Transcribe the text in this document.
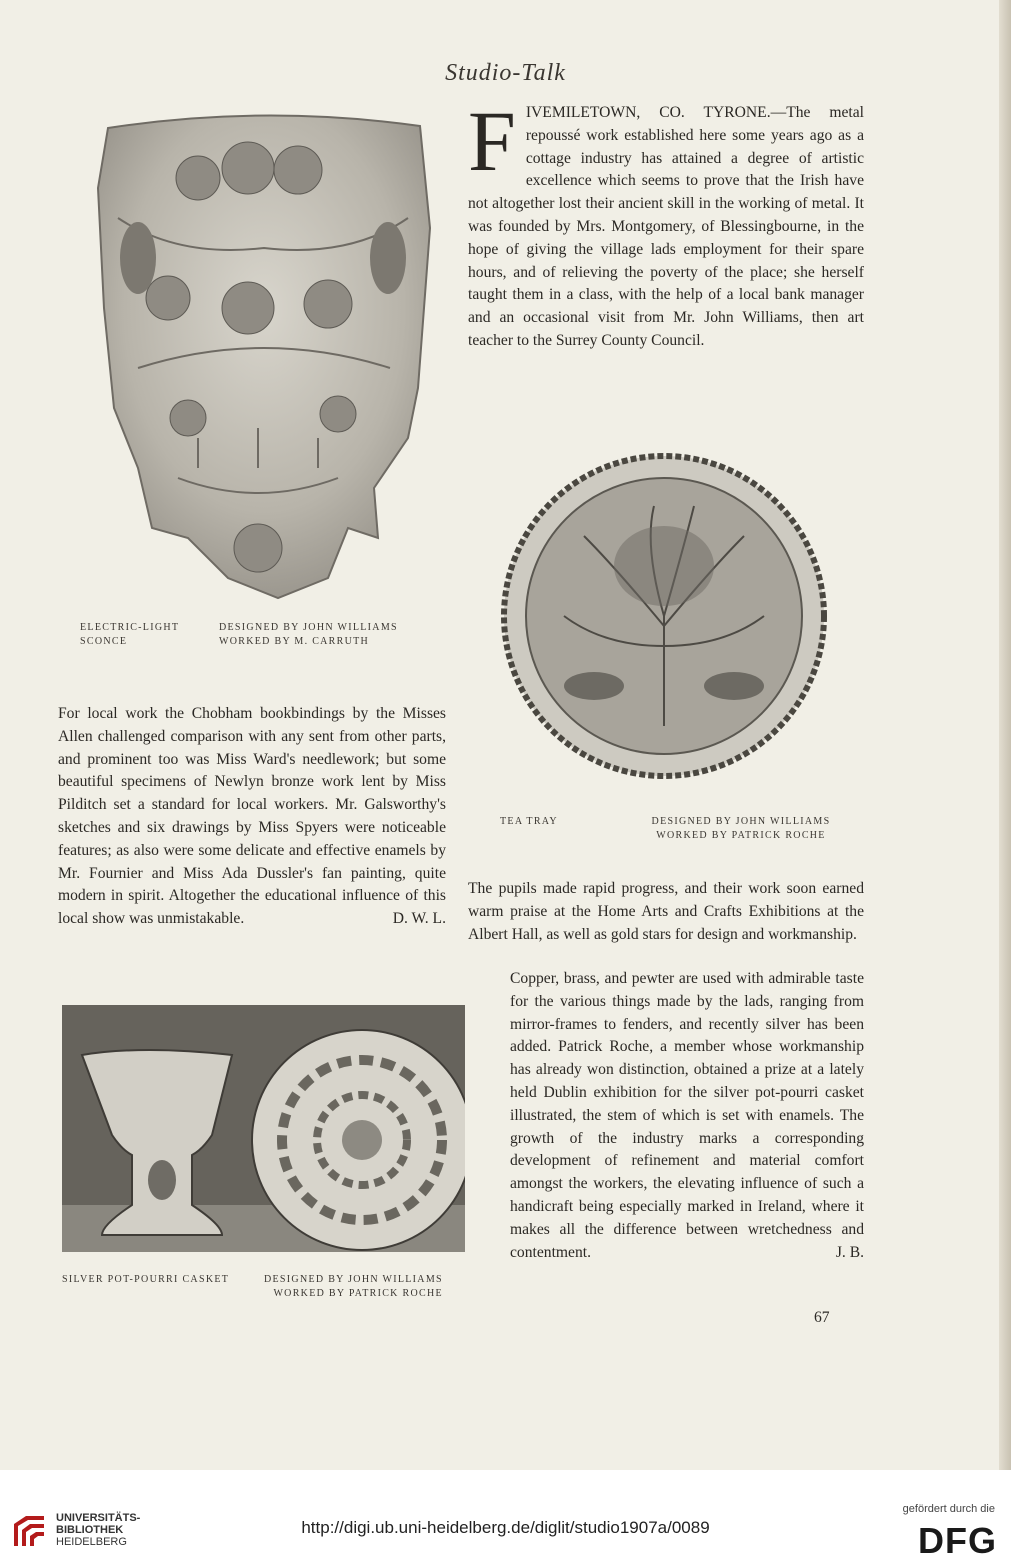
Studio-Talk
ELECTRIC-LIGHT
SCONCE
DESIGNED BY JOHN WILLIAMS
WORKED BY M. CARRUTH

FIVEMILETOWN, CO. TYRONE.—The metal repoussé work established here some years ago as a cottage industry has attained a degree of artistic excellence which seems to prove that the Irish have not altogether lost their ancient skill in the working of metal. It was founded by Mrs. Montgomery, of Blessingbourne, in the hope of giving the village lads employment for their spare hours, and of relieving the poverty of the place; she herself taught them in a class, with the help of a local bank manager and an occasional visit from Mr. John Williams, then art teacher to the Surrey County Council.

TEA TRAY	DESIGNED BY JOHN WILLIAMS
WORKED BY PATRICK ROCHE

For local work the Chobham bookbindings by the Misses Allen challenged comparison with any sent from other parts, and prominent too was Miss Ward's needlework; but some beautiful specimens of Newlyn bronze work lent by Miss Pilditch set a standard for local workers. Mr. Galsworthy's sketches and six drawings by Miss Spyers were noticeable features; as also were some delicate and effective enamels by Mr. Fournier and Miss Ada Dussler's fan painting, quite modern in spirit. Altogether the educational influence of this local show was unmistakable.	D. W. L.

The pupils made rapid progress, and their work soon earned warm praise at the Home Arts and Crafts Exhibitions at the Albert Hall, as well as gold stars for design and workmanship.

Copper, brass, and pewter are used with admirable taste for the various things made by the lads, ranging from mirror-frames to fenders, and recently silver has been added. Patrick Roche, a member whose workmanship has already won distinction, obtained a prize at a lately held Dublin exhibition for the silver pot-pourri casket illustrated, the stem of which is set with enamels. The growth of the industry marks a corresponding development of refinement and material comfort amongst the workers, the elevating influence of such a handicraft being especially marked in Ireland, where it makes all the difference between wretchedness and contentment.	J. B.

SILVER POT-POURRI CASKET	DESIGNED BY JOHN WILLIAMS
WORKED BY PATRICK ROCHE
67
UNIVERSITÄTS-
BIBLIOTHEK
HEIDELBERG
http://digi.ub.uni-heidelberg.de/diglit/studio1907a/0089
gefördert durch die
DFG
